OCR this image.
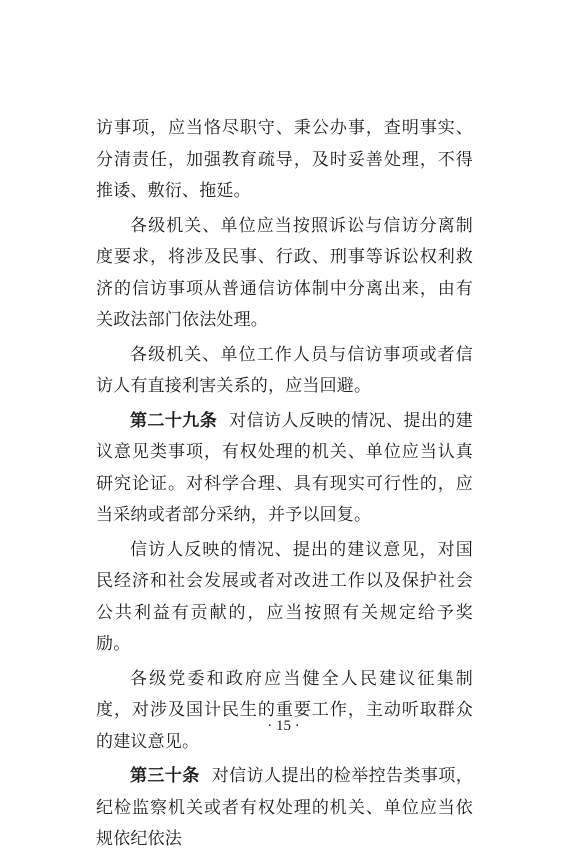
访事项，应当恪尽职守、秉公办事，查明事实、分清责任，加强教育疏导，及时妥善处理，不得推诿、敷衍、拖延。

各级机关、单位应当按照诉讼与信访分离制度要求，将涉及民事、行政、刑事等诉讼权利救济的信访事项从普通信访体制中分离出来，由有关政法部门依法处理。

各级机关、单位工作人员与信访事项或者信访人有直接利害关系的，应当回避。

第二十九条 对信访人反映的情况、提出的建议意见类事项，有权处理的机关、单位应当认真研究论证。对科学合理、具有现实可行性的，应当采纳或者部分采纳，并予以回复。

信访人反映的情况、提出的建议意见，对国民经济和社会发展或者对改进工作以及保护社会公共利益有贡献的，应当按照有关规定给予奖励。

各级党委和政府应当健全人民建议征集制度，对涉及国计民生的重要工作，主动听取群众的建议意见。

第三十条 对信访人提出的检举控告类事项，纪检监察机关或者有权处理的机关、单位应当依规依纪依法

· 15 ·
